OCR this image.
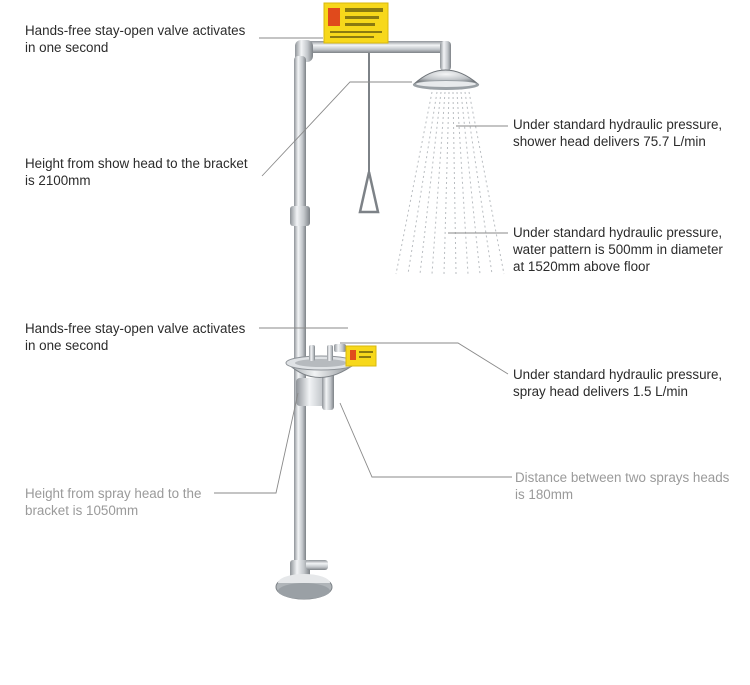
Hands-free stay-open valve activates
in one second

Height from show head to the bracket
is 2100mm

Under standard hydraulic pressure,
shower head delivers 75.7 L/min

Under standard hydraulic pressure,
water pattern is 500mm in diameter
at 1520mm above floor

Hands-free stay-open valve activates
in one second

Under standard hydraulic pressure,
spray head delivers 1.5 L/min

Distance between two sprays heads
is 180mm

Height from spray head to the
bracket is 1050mm
